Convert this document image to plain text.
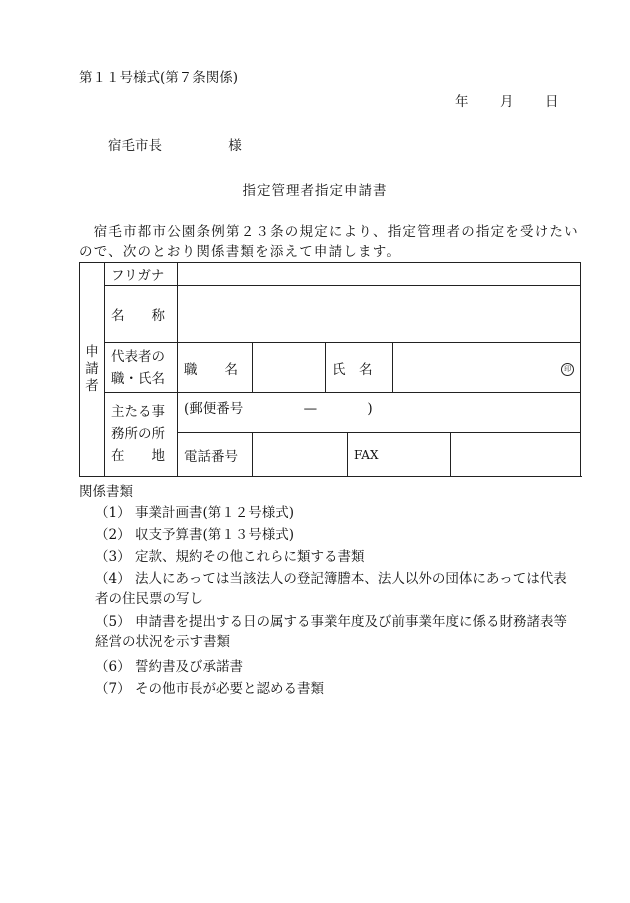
第１１号様式(第７条関係)
年 月 日
宿毛市長	様
指定管理者指定申請書
　宿毛市都市公園条例第２３条の規定により、指定管理者の指定を受けたいので、次のとおり関係書類を添えて申請します。
申
請
者	フリガナ						
	名　　称						
	代表者の
職・氏名	職　　名		氏　名		印	
	主たる事
務所の所
在　　地	(郵便番号 — )					
		電話番号			FAX		
関係書類
（1） 事業計画書(第１２号様式)
（2） 収支予算書(第１３号様式)
（3） 定款、規約その他これらに類する書類
（4） 法人にあっては当該法人の登記簿謄本、法人以外の団体にあっては代表者の住民票の写し
（5） 申請書を提出する日の属する事業年度及び前事業年度に係る財務諸表等経営の状況を示す書類
（6） 誓約書及び承諾書
（7） その他市長が必要と認める書類
